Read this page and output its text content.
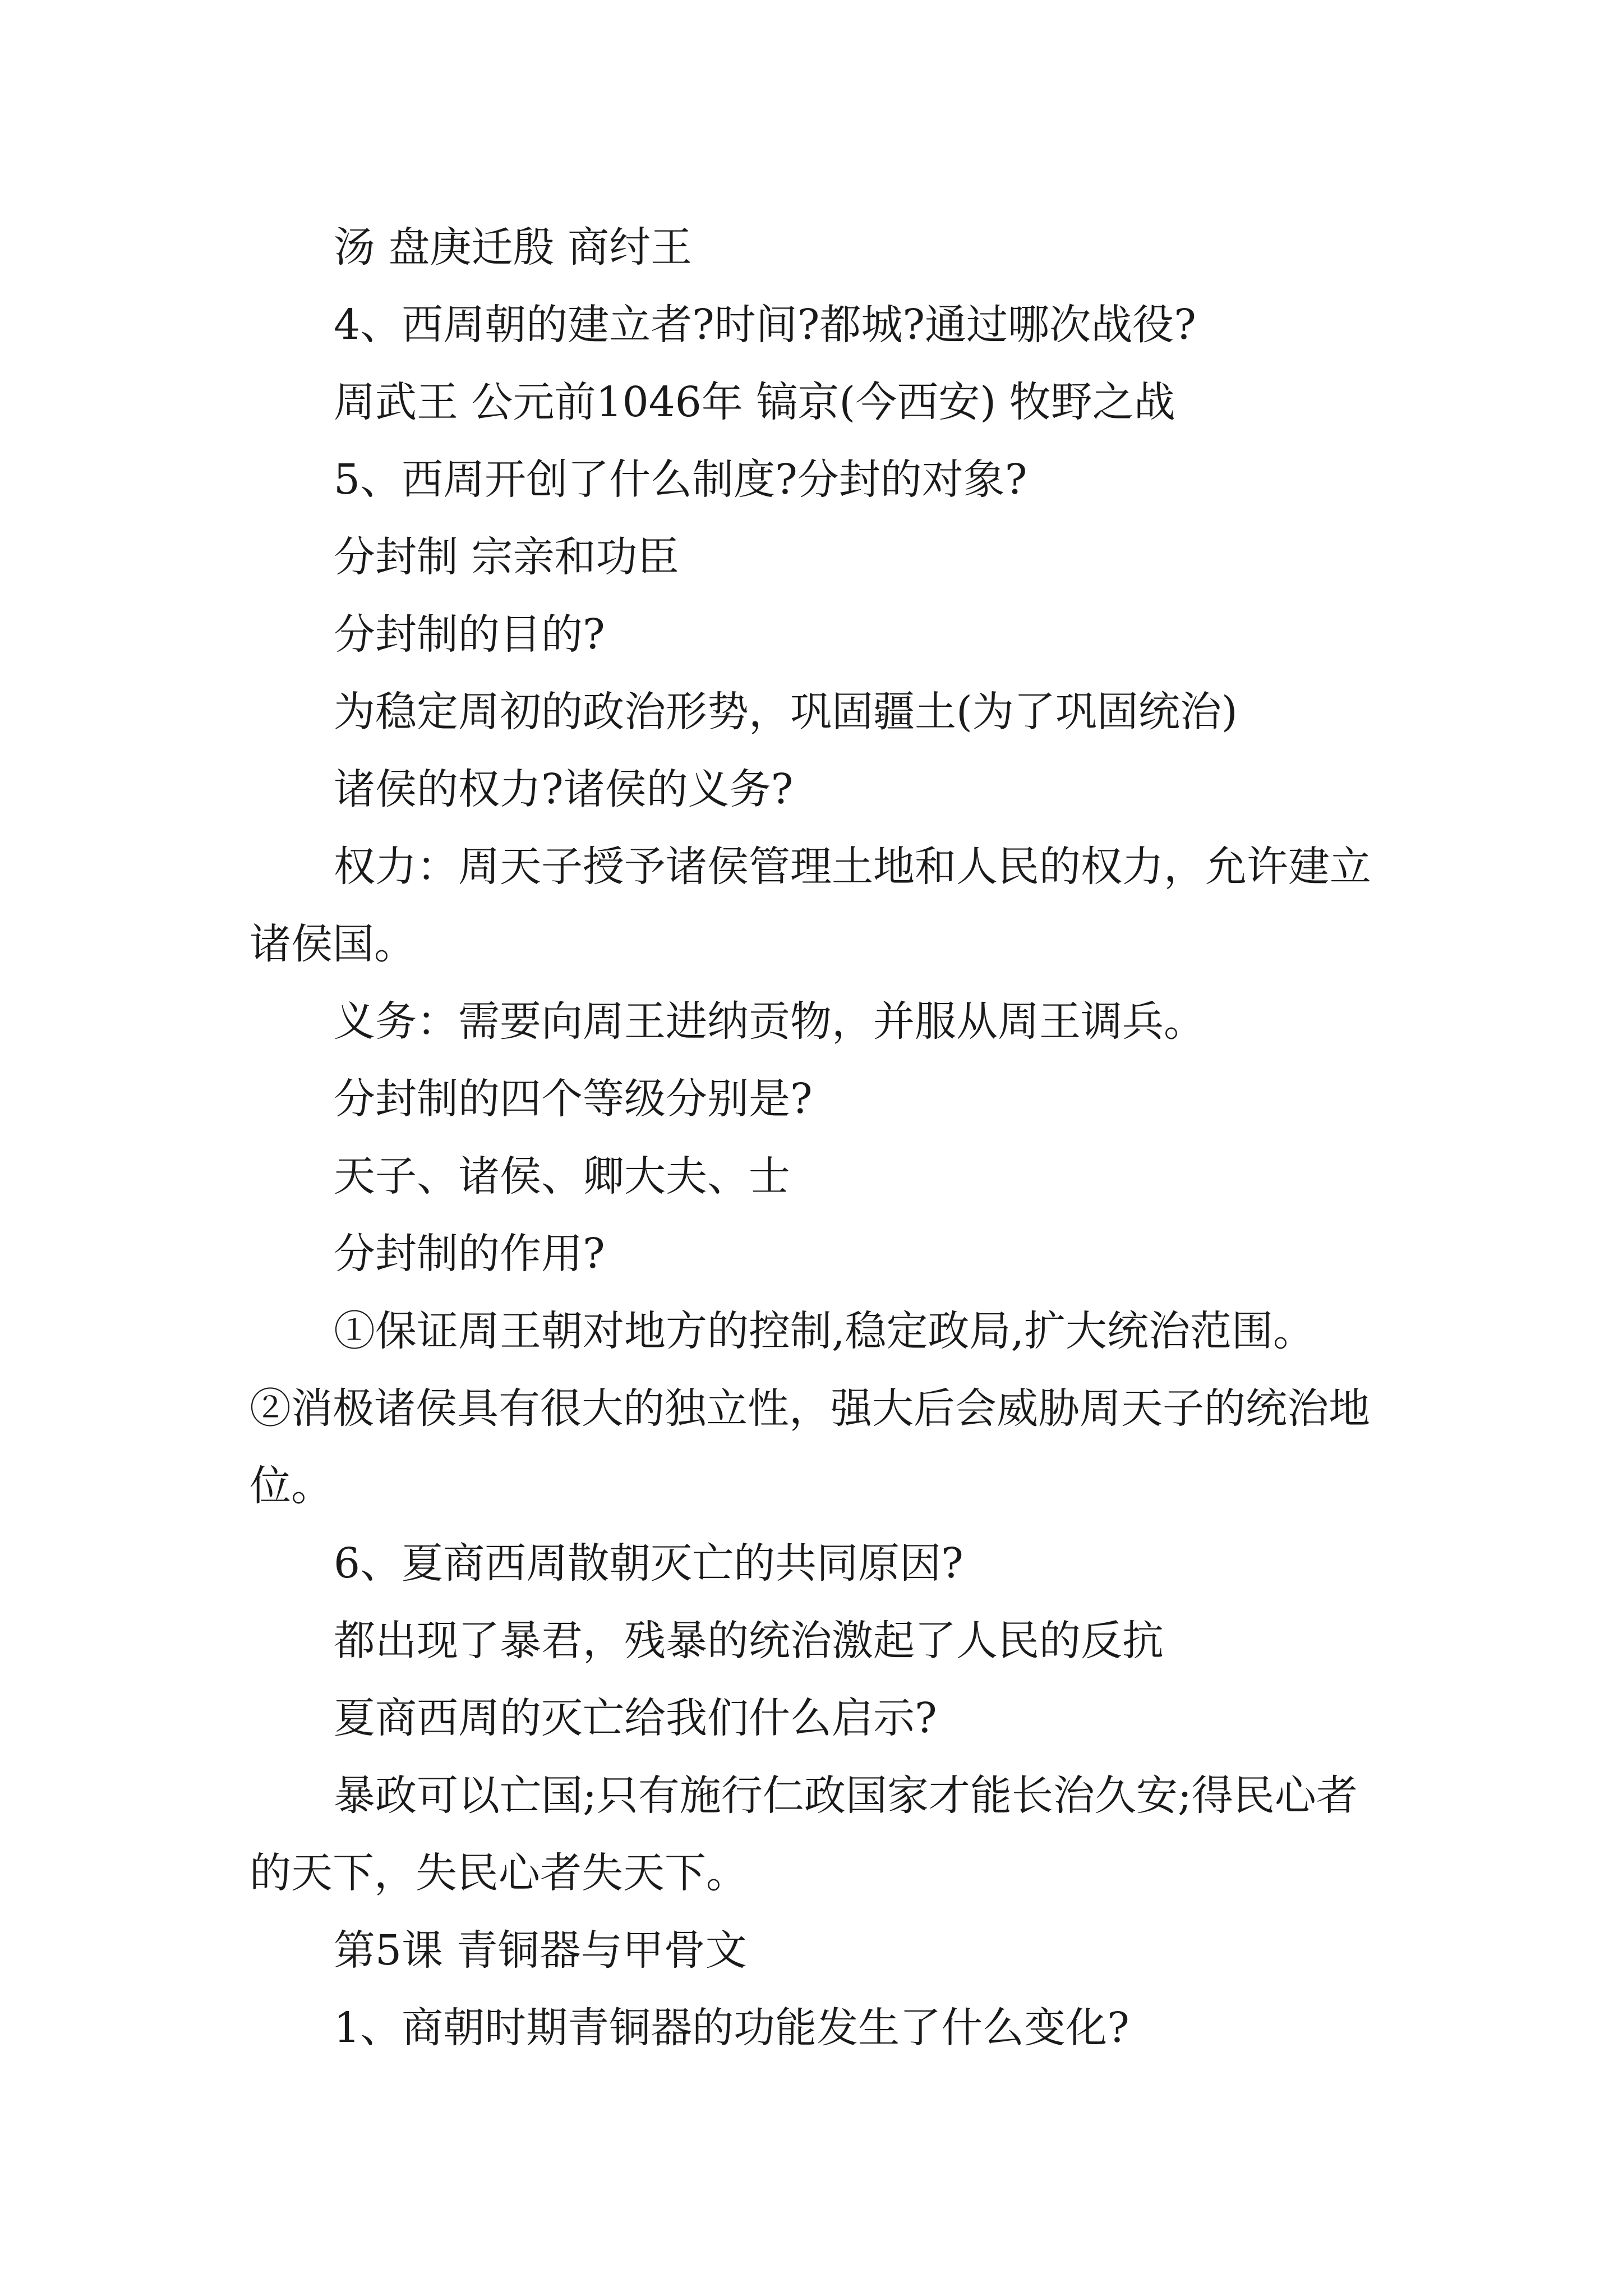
汤 盘庚迁殷 商纣王

4、西周朝的建立者?时间?都城?通过哪次战役?

周武王 公元前1046年 镐京(今西安) 牧野之战

5、西周开创了什么制度?分封的对象?

分封制 宗亲和功臣

分封制的目的?

为稳定周初的政治形势，巩固疆土(为了巩固统治)

诸侯的权力?诸侯的义务?

权力：周天子授予诸侯管理土地和人民的权力，允许建立诸侯国。

义务：需要向周王进纳贡物，并服从周王调兵。

分封制的四个等级分别是?

天子、诸侯、卿大夫、士

分封制的作用?

①保证周王朝对地方的控制,稳定政局,扩大统治范围。

②消极诸侯具有很大的独立性，强大后会威胁周天子的统治地位。

6、夏商西周散朝灭亡的共同原因?

都出现了暴君，残暴的统治激起了人民的反抗

夏商西周的灭亡给我们什么启示?

暴政可以亡国;只有施行仁政国家才能长治久安;得民心者的天下，失民心者失天下。

第5课 青铜器与甲骨文

1、商朝时期青铜器的功能发生了什么变化?
